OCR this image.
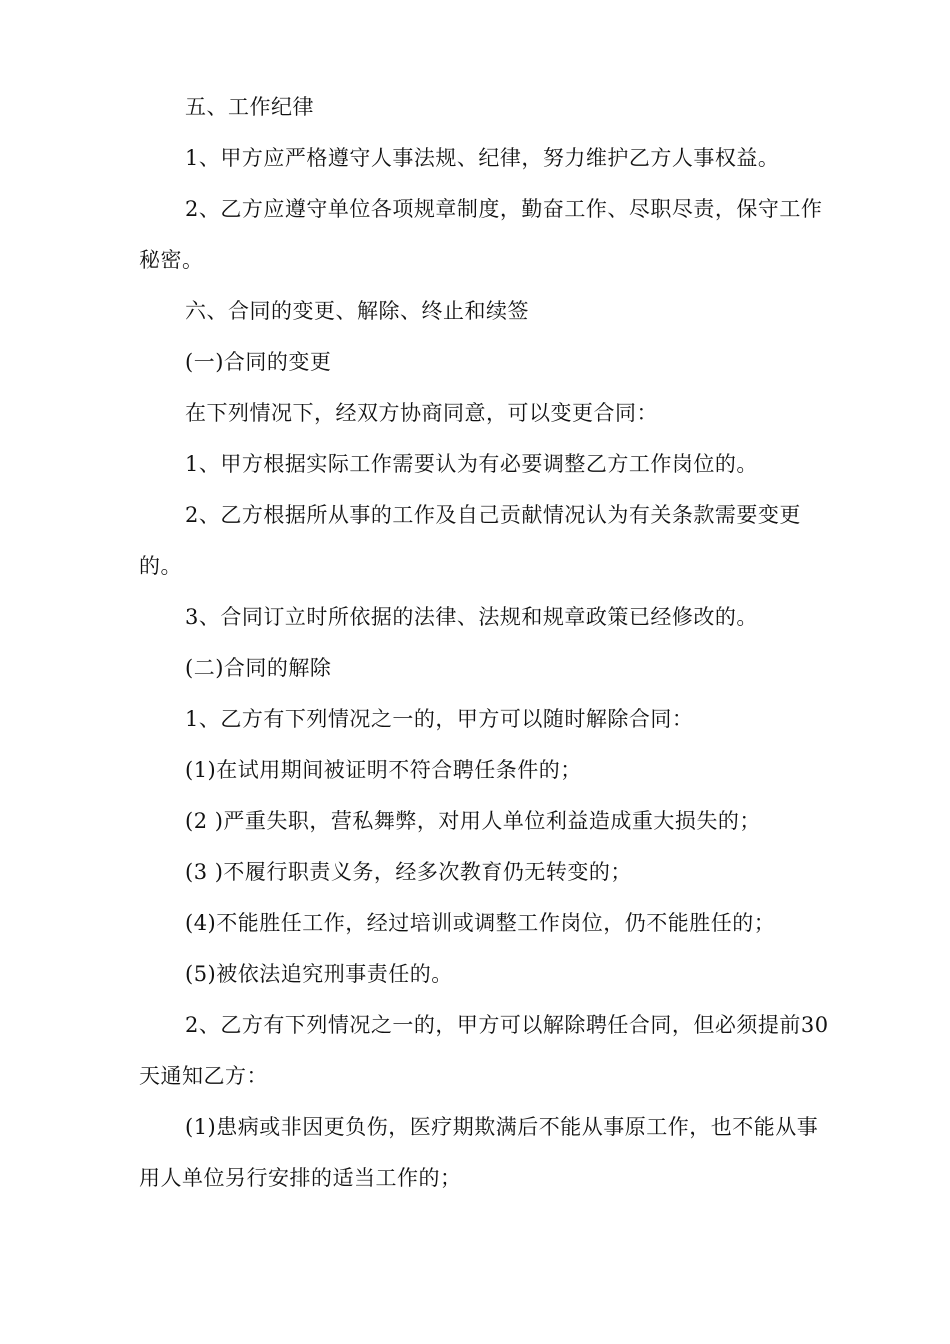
五、工作纪律

1、甲方应严格遵守人事法规、纪律，努力维护乙方人事权益。

2、乙方应遵守单位各项规章制度，勤奋工作、尽职尽责，保守工作秘密。

六、合同的变更、解除、终止和续签

(一)合同的变更

在下列情况下，经双方协商同意，可以变更合同：

1、甲方根据实际工作需要认为有必要调整乙方工作岗位的。

2、乙方根据所从事的工作及自己贡献情况认为有关条款需要变更的。

3、合同订立时所依据的法律、法规和规章政策已经修改的。

(二)合同的解除

1、乙方有下列情况之一的，甲方可以随时解除合同：

(1)在试用期间被证明不符合聘任条件的；

(2 )严重失职，营私舞弊，对用人单位利益造成重大损失的；

(3 )不履行职责义务，经多次教育仍无转变的；

(4)不能胜任工作，经过培训或调整工作岗位，仍不能胜任的；

(5)被依法追究刑事责任的。

2、乙方有下列情况之一的，甲方可以解除聘任合同，但必须提前30天通知乙方：

(1)患病或非因更负伤，医疗期欺满后不能从事原工作，也不能从事用人单位另行安排的适当工作的；
